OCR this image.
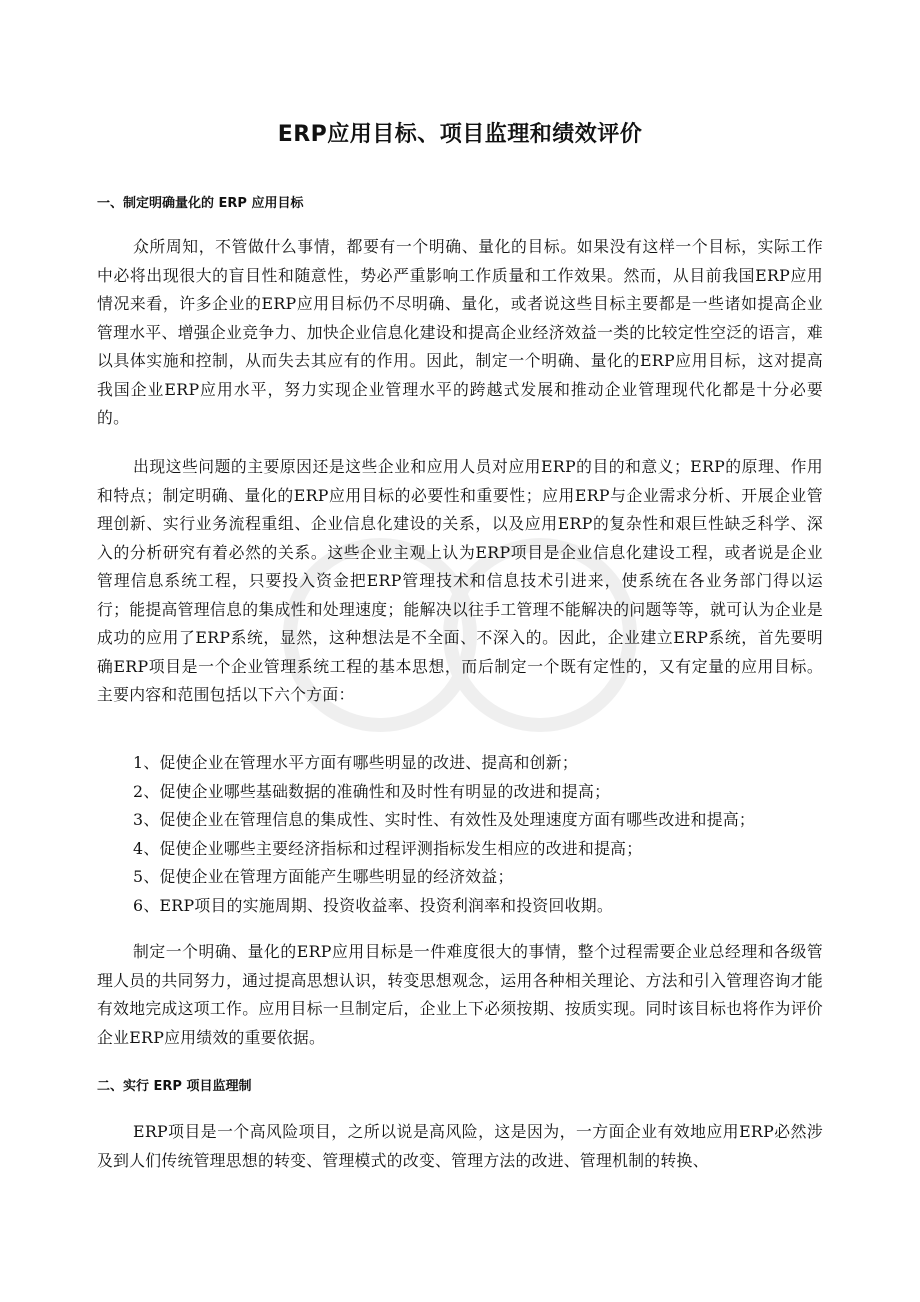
ERP应用目标、项目监理和绩效评价
一、制定明确量化的 ERP 应用目标

众所周知，不管做什么事情，都要有一个明确、量化的目标。如果没有这样一个目标，实际工作中必将出现很大的盲目性和随意性，势必严重影响工作质量和工作效果。然而，从目前我国ERP应用情况来看，许多企业的ERP应用目标仍不尽明确、量化，或者说这些目标主要都是一些诸如提高企业管理水平、增强企业竞争力、加快企业信息化建设和提高企业经济效益一类的比较定性空泛的语言，难以具体实施和控制，从而失去其应有的作用。因此，制定一个明确、量化的ERP应用目标，这对提高我国企业ERP应用水平，努力实现企业管理水平的跨越式发展和推动企业管理现代化都是十分必要的。

出现这些问题的主要原因还是这些企业和应用人员对应用ERP的目的和意义；ERP的原理、作用和特点；制定明确、量化的ERP应用目标的必要性和重要性；应用ERP与企业需求分析、开展企业管理创新、实行业务流程重组、企业信息化建设的关系，以及应用ERP的复杂性和艰巨性缺乏科学、深入的分析研究有着必然的关系。这些企业主观上认为ERP项目是企业信息化建设工程，或者说是企业管理信息系统工程，只要投入资金把ERP管理技术和信息技术引进来，使系统在各业务部门得以运行；能提高管理信息的集成性和处理速度；能解决以往手工管理不能解决的问题等等，就可认为企业是成功的应用了ERP系统，显然，这种想法是不全面、不深入的。因此，企业建立ERP系统，首先要明确ERP项目是一个企业管理系统工程的基本思想，而后制定一个既有定性的，又有定量的应用目标。主要内容和范围包括以下六个方面：

1、促使企业在管理水平方面有哪些明显的改进、提高和创新；
2、促使企业哪些基础数据的准确性和及时性有明显的改进和提高；
3、促使企业在管理信息的集成性、实时性、有效性及处理速度方面有哪些改进和提高；
4、促使企业哪些主要经济指标和过程评测指标发生相应的改进和提高；
5、促使企业在管理方面能产生哪些明显的经济效益；
6、ERP项目的实施周期、投资收益率、投资利润率和投资回收期。

制定一个明确、量化的ERP应用目标是一件难度很大的事情，整个过程需要企业总经理和各级管理人员的共同努力，通过提高思想认识，转变思想观念，运用各种相关理论、方法和引入管理咨询才能有效地完成这项工作。应用目标一旦制定后，企业上下必须按期、按质实现。同时该目标也将作为评价企业ERP应用绩效的重要依据。

二、实行 ERP 项目监理制

ERP项目是一个高风险项目，之所以说是高风险，这是因为，一方面企业有效地应用ERP必然涉及到人们传统管理思想的转变、管理模式的改变、管理方法的改进、管理机制的转换、
